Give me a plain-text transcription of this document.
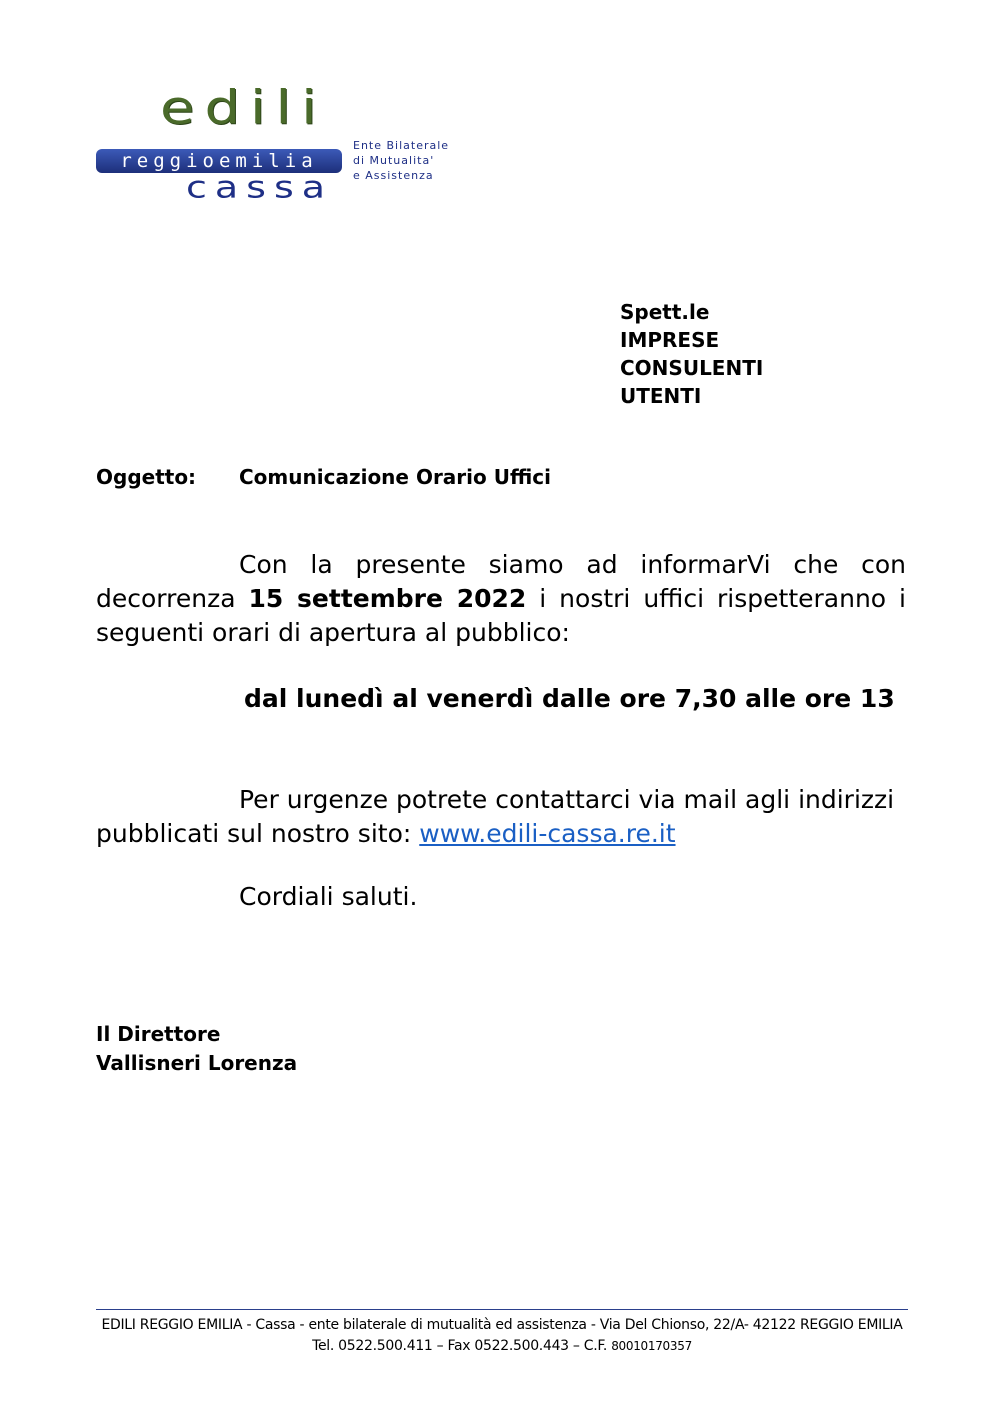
edili
reggioemilia
cassa
Ente Bilaterale
di Mutualita'
e Assistenza
Spett.le
IMPRESE
CONSULENTI
UTENTI
Oggetto: Comunicazione Orario Uffici
Con la presente siamo ad informarVi che con decorrenza 15 settembre 2022 i nostri uffici rispetteranno i seguenti orari di apertura al pubblico:
dal lunedì al venerdì dalle ore 7,30 alle ore 13
Per urgenze potrete contattarci via mail agli indirizzi pubblicati sul nostro sito: www.edili-cassa.re.it
Cordiali saluti.
Il Direttore
Vallisneri Lorenza
EDILI REGGIO EMILIA - Cassa - ente bilaterale di mutualità ed assistenza - Via Del Chionso, 22/A- 42122 REGGIO EMILIA
Tel. 0522.500.411 – Fax 0522.500.443 – C.F. 80010170357
